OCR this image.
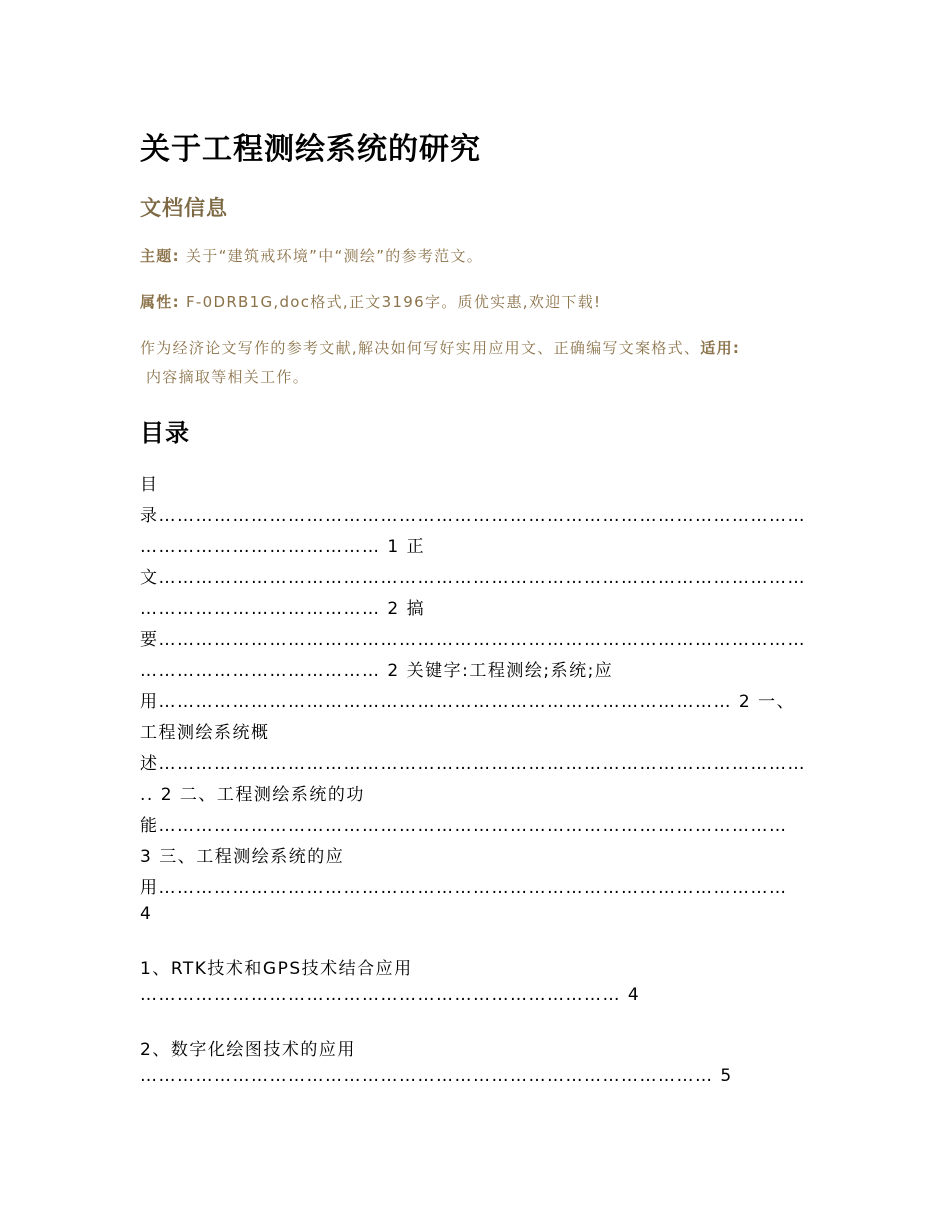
关于工程测绘系统的研究
文档信息
主题: 关于“建筑戒环境”中“测绘”的参考范文。
属性: F-0DRB1G,doc格式,正文3196字。质优实惠,欢迎下载!
作为经济论文写作的参考文献,解决如何写好实用应用文、正确编写文案格式、适用:
内容摘取等相关工作。
目录
目
录……………………………………………………………………………………………
………………………………… 1 正
文……………………………………………………………………………………………
………………………………… 2 搞
要……………………………………………………………………………………………
………………………………… 2 关键字:工程测绘;系统;应
用………………………………………………………………………………… 2 一、
工程测绘系统概
述……………………………………………………………………………………………
.. 2 二、工程测绘系统的功
能…………………………………………………………………………………………
3 三、工程测绘系统的应
用…………………………………………………………………………………………
4
1、RTK技术和GPS技术结合应用
…………………………………………………………………… 4
2、数字化绘图技术的应用
………………………………………………………………………………… 5
